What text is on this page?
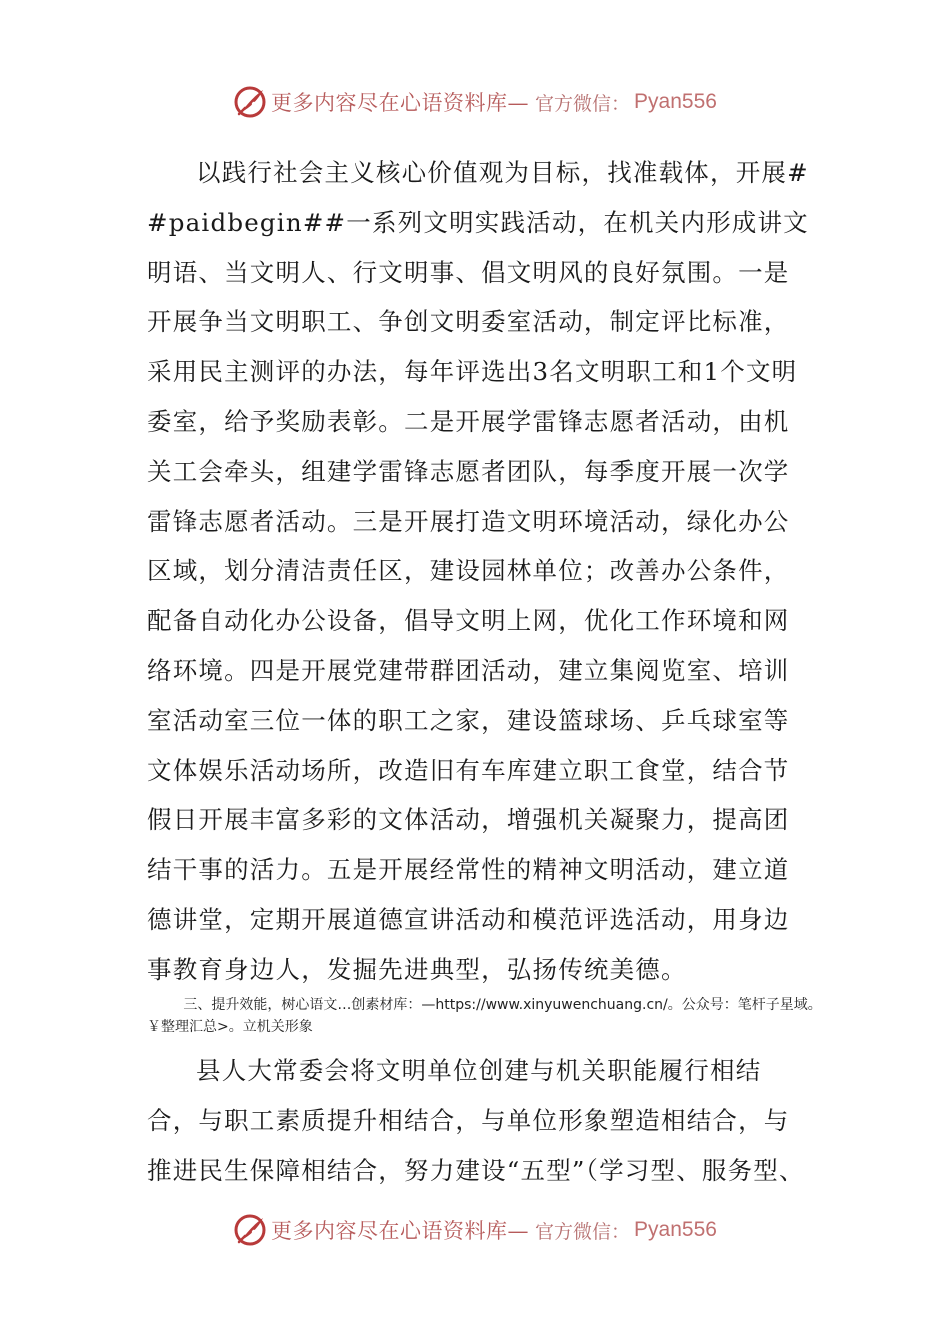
更多内容尽在心语资料库— 官方微信： Pyan556

以践行社会主义核心价值观为目标，找准载体，开展##paidbegin##一系列文明实践活动，在机关内形成讲文明语、当文明人、行文明事、倡文明风的良好氛围。一是开展争当文明职工、争创文明委室活动，制定评比标准，采用民主测评的办法，每年评选出3名文明职工和1个文明委室，给予奖励表彰。二是开展学雷锋志愿者活动，由机关工会牵头，组建学雷锋志愿者团队，每季度开展一次学雷锋志愿者活动。三是开展打造文明环境活动，绿化办公区域，划分清洁责任区，建设园林单位；改善办公条件，配备自动化办公设备，倡导文明上网，优化工作环境和网络环境。四是开展党建带群团活动，建立集阅览室、培训室活动室三位一体的职工之家，建设篮球场、乒乓球室等文体娱乐活动场所，改造旧有车库建立职工食堂，结合节假日开展丰富多彩的文体活动，增强机关凝聚力，提高团结干事的活力。五是开展经常性的精神文明活动，建立道德讲堂，定期开展道德宣讲活动和模范评选活动，用身边事教育身边人，发掘先进典型，弘扬传统美德。

三、提升效能，树心语文…创素材库：—https://www.xinyuwenchuang.cn/。公众号：笔杆子星域。￥整理汇总>。立机关形象

县人大常委会将文明单位创建与机关职能履行相结合，与职工素质提升相结合，与单位形象塑造相结合，与推进民生保障相结合，努力建设“五型”（学习型、服务型、

更多内容尽在心语资料库— 官方微信： Pyan556
